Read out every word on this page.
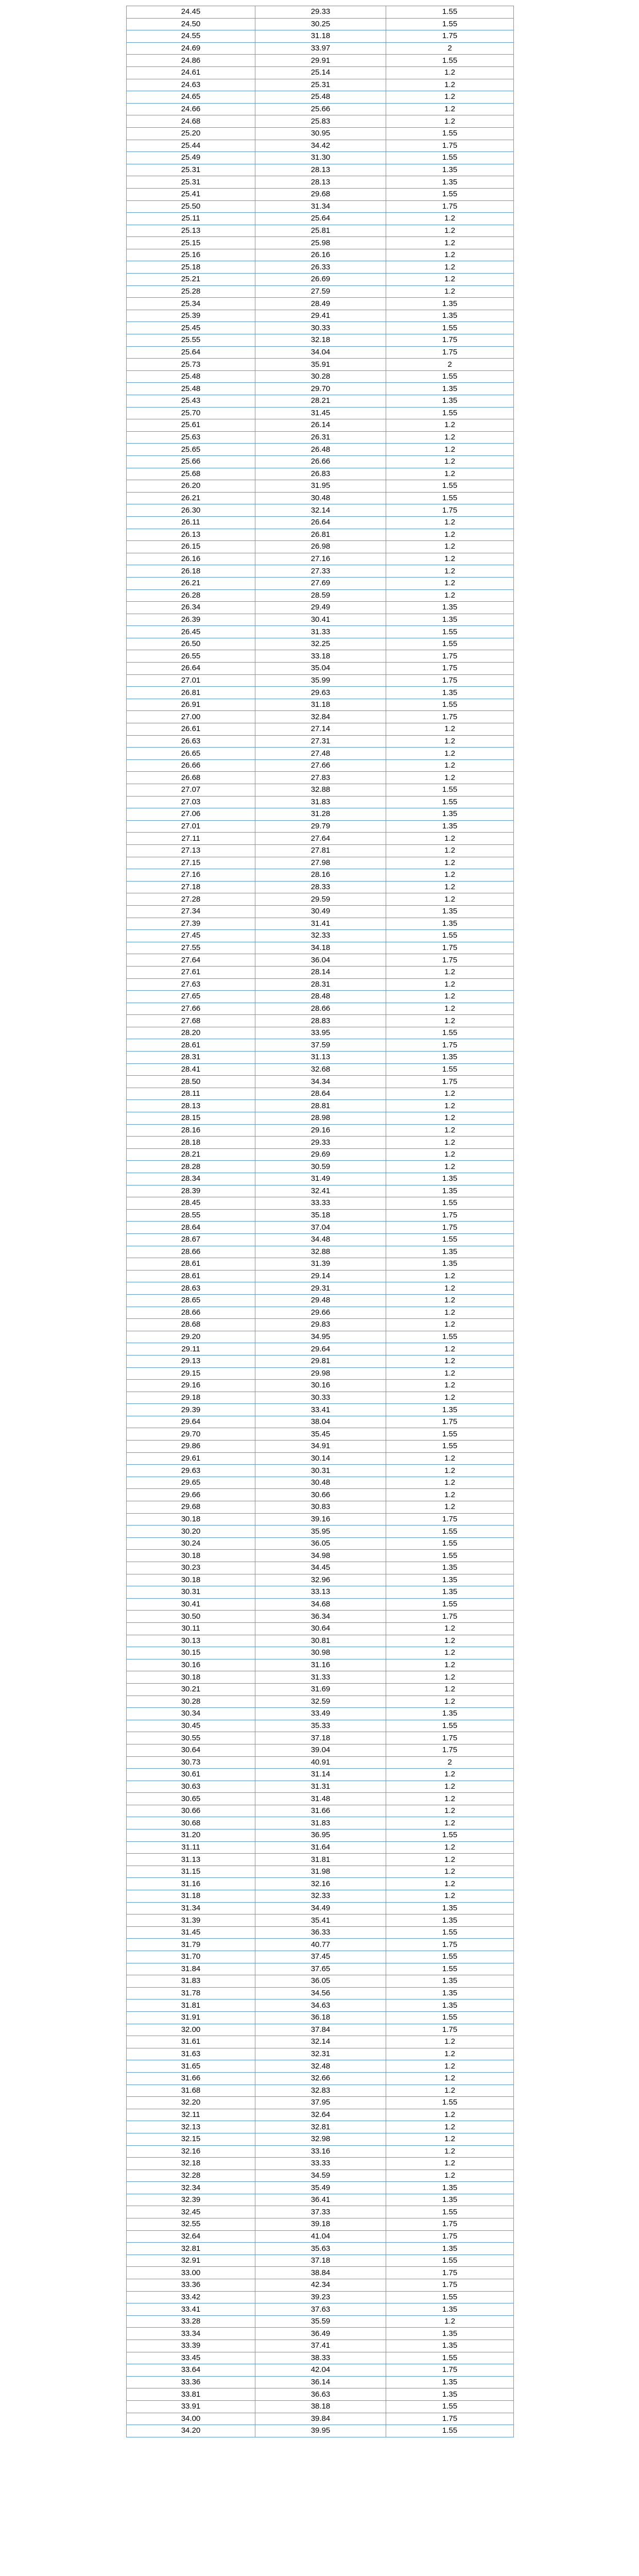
24.45	29.33	1.55
24.50	30.25	1.55
24.55	31.18	1.75
24.69	33.97	2
24.86	29.91	1.55
24.61	25.14	1.2
24.63	25.31	1.2
24.65	25.48	1.2
24.66	25.66	1.2
24.68	25.83	1.2
25.20	30.95	1.55
25.44	34.42	1.75
25.49	31.30	1.55
25.31	28.13	1.35
25.31	28.13	1.35
25.41	29.68	1.55
25.50	31.34	1.75
25.11	25.64	1.2
25.13	25.81	1.2
25.15	25.98	1.2
25.16	26.16	1.2
25.18	26.33	1.2
25.21	26.69	1.2
25.28	27.59	1.2
25.34	28.49	1.35
25.39	29.41	1.35
25.45	30.33	1.55
25.55	32.18	1.75
25.64	34.04	1.75
25.73	35.91	2
25.48	30.28	1.55
25.48	29.70	1.35
25.43	28.21	1.35
25.70	31.45	1.55
25.61	26.14	1.2
25.63	26.31	1.2
25.65	26.48	1.2
25.66	26.66	1.2
25.68	26.83	1.2
26.20	31.95	1.55
26.21	30.48	1.55
26.30	32.14	1.75
26.11	26.64	1.2
26.13	26.81	1.2
26.15	26.98	1.2
26.16	27.16	1.2
26.18	27.33	1.2
26.21	27.69	1.2
26.28	28.59	1.2
26.34	29.49	1.35
26.39	30.41	1.35
26.45	31.33	1.55
26.50	32.25	1.55
26.55	33.18	1.75
26.64	35.04	1.75
27.01	35.99	1.75
26.81	29.63	1.35
26.91	31.18	1.55
27.00	32.84	1.75
26.61	27.14	1.2
26.63	27.31	1.2
26.65	27.48	1.2
26.66	27.66	1.2
26.68	27.83	1.2
27.07	32.88	1.55
27.03	31.83	1.55
27.06	31.28	1.35
27.01	29.79	1.35
27.11	27.64	1.2
27.13	27.81	1.2
27.15	27.98	1.2
27.16	28.16	1.2
27.18	28.33	1.2
27.28	29.59	1.2
27.34	30.49	1.35
27.39	31.41	1.35
27.45	32.33	1.55
27.55	34.18	1.75
27.64	36.04	1.75
27.61	28.14	1.2
27.63	28.31	1.2
27.65	28.48	1.2
27.66	28.66	1.2
27.68	28.83	1.2
28.20	33.95	1.55
28.61	37.59	1.75
28.31	31.13	1.35
28.41	32.68	1.55
28.50	34.34	1.75
28.11	28.64	1.2
28.13	28.81	1.2
28.15	28.98	1.2
28.16	29.16	1.2
28.18	29.33	1.2
28.21	29.69	1.2
28.28	30.59	1.2
28.34	31.49	1.35
28.39	32.41	1.35
28.45	33.33	1.55
28.55	35.18	1.75
28.64	37.04	1.75
28.67	34.48	1.55
28.66	32.88	1.35
28.61	31.39	1.35
28.61	29.14	1.2
28.63	29.31	1.2
28.65	29.48	1.2
28.66	29.66	1.2
28.68	29.83	1.2
29.20	34.95	1.55
29.11	29.64	1.2
29.13	29.81	1.2
29.15	29.98	1.2
29.16	30.16	1.2
29.18	30.33	1.2
29.39	33.41	1.35
29.64	38.04	1.75
29.70	35.45	1.55
29.86	34.91	1.55
29.61	30.14	1.2
29.63	30.31	1.2
29.65	30.48	1.2
29.66	30.66	1.2
29.68	30.83	1.2
30.18	39.16	1.75
30.20	35.95	1.55
30.24	36.05	1.55
30.18	34.98	1.55
30.23	34.45	1.35
30.18	32.96	1.35
30.31	33.13	1.35
30.41	34.68	1.55
30.50	36.34	1.75
30.11	30.64	1.2
30.13	30.81	1.2
30.15	30.98	1.2
30.16	31.16	1.2
30.18	31.33	1.2
30.21	31.69	1.2
30.28	32.59	1.2
30.34	33.49	1.35
30.45	35.33	1.55
30.55	37.18	1.75
30.64	39.04	1.75
30.73	40.91	2
30.61	31.14	1.2
30.63	31.31	1.2
30.65	31.48	1.2
30.66	31.66	1.2
30.68	31.83	1.2
31.20	36.95	1.55
31.11	31.64	1.2
31.13	31.81	1.2
31.15	31.98	1.2
31.16	32.16	1.2
31.18	32.33	1.2
31.34	34.49	1.35
31.39	35.41	1.35
31.45	36.33	1.55
31.79	40.77	1.75
31.70	37.45	1.55
31.84	37.65	1.55
31.83	36.05	1.35
31.78	34.56	1.35
31.81	34.63	1.35
31.91	36.18	1.55
32.00	37.84	1.75
31.61	32.14	1.2
31.63	32.31	1.2
31.65	32.48	1.2
31.66	32.66	1.2
31.68	32.83	1.2
32.20	37.95	1.55
32.11	32.64	1.2
32.13	32.81	1.2
32.15	32.98	1.2
32.16	33.16	1.2
32.18	33.33	1.2
32.28	34.59	1.2
32.34	35.49	1.35
32.39	36.41	1.35
32.45	37.33	1.55
32.55	39.18	1.75
32.64	41.04	1.75
32.81	35.63	1.35
32.91	37.18	1.55
33.00	38.84	1.75
33.36	42.34	1.75
33.42	39.23	1.55
33.41	37.63	1.35
33.28	35.59	1.2
33.34	36.49	1.35
33.39	37.41	1.35
33.45	38.33	1.55
33.64	42.04	1.75
33.36	36.14	1.35
33.81	36.63	1.35
33.91	38.18	1.55
34.00	39.84	1.75
34.20	39.95	1.55
